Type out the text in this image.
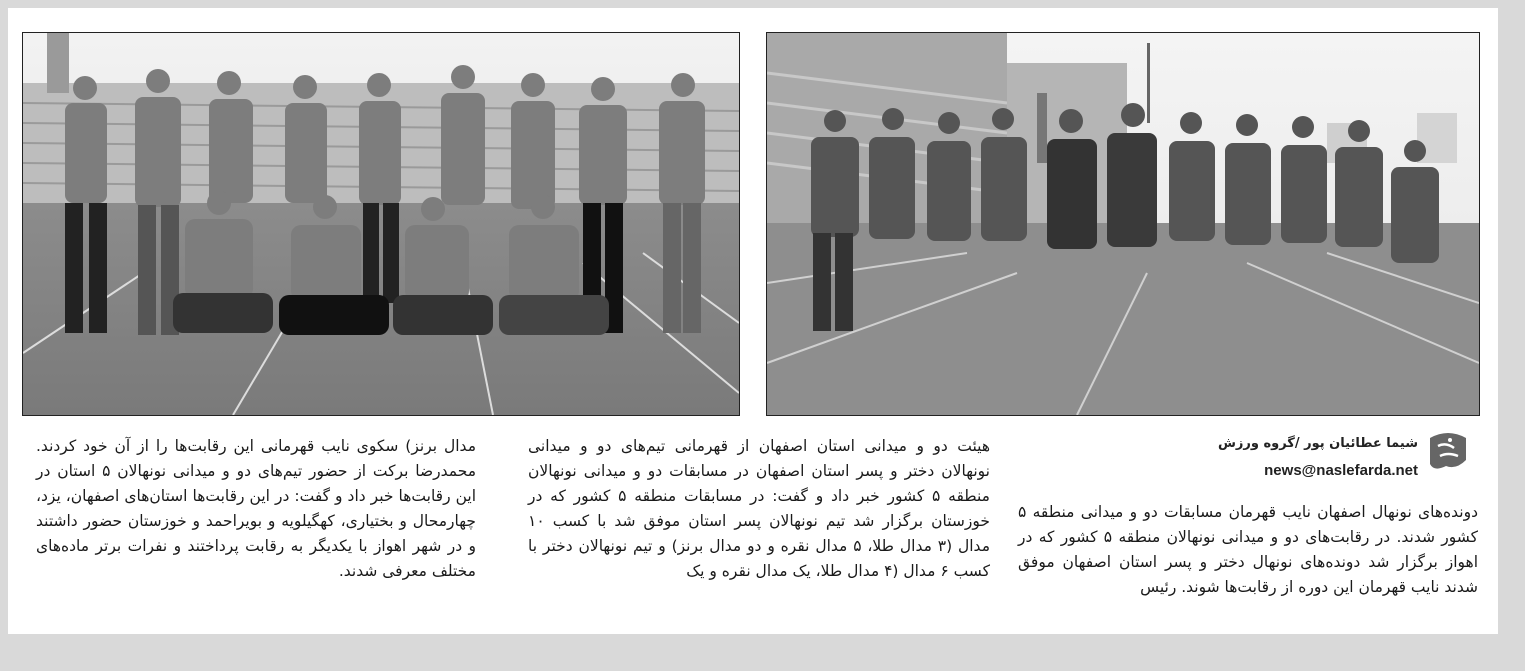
شیما عطائیان پور /گروه ورزش
news@naslefarda.net
دونده‌های نونهال اصفهان نایب قهرمان مسابقات دو و میدانی منطقه ۵ کشور شدند. در رقابت‌های دو و میدانی نونهالان منطقه ۵ کشور که در اهواز برگزار شد دونده‌های نونهال دختر و پسر استان اصفهان موفق شدند نایب قهرمان این دوره از رقابت‌ها شوند. رئیس
هیئت دو و میدانی استان اصفهان از قهرمانی تیم‌های دو و میدانی نونهالان دختر و پسر استان اصفهان در مسابقات دو و میدانی نونهالان منطقه ۵ کشور خبر داد و گفت: در مسابقات منطقه ۵ کشور که در خوزستان برگزار شد تیم نونهالان پسر استان موفق شد با کسب ۱۰ مدال (۳ مدال طلا، ۵ مدال نقره و دو مدال برنز) و تیم نونهالان دختر با کسب ۶ مدال (۴ مدال طلا، یک مدال نقره و یک
مدال برنز) سکوی نایب قهرمانی این رقابت‌ها را از آن خود کردند. محمدرضا برکت از حضور تیم‌های دو و میدانی نونهالان ۵ استان در این رقابت‌ها خبر داد و گفت: در این رقابت‌ها استان‌های اصفهان، یزد، چهارمحال و بختیاری، کهگیلویه و بویراحمد و خوزستان حضور داشتند و در شهر اهواز با یکدیگر به رقابت پرداختند و نفرات برتر ماده‌های مختلف معرفی شدند.
